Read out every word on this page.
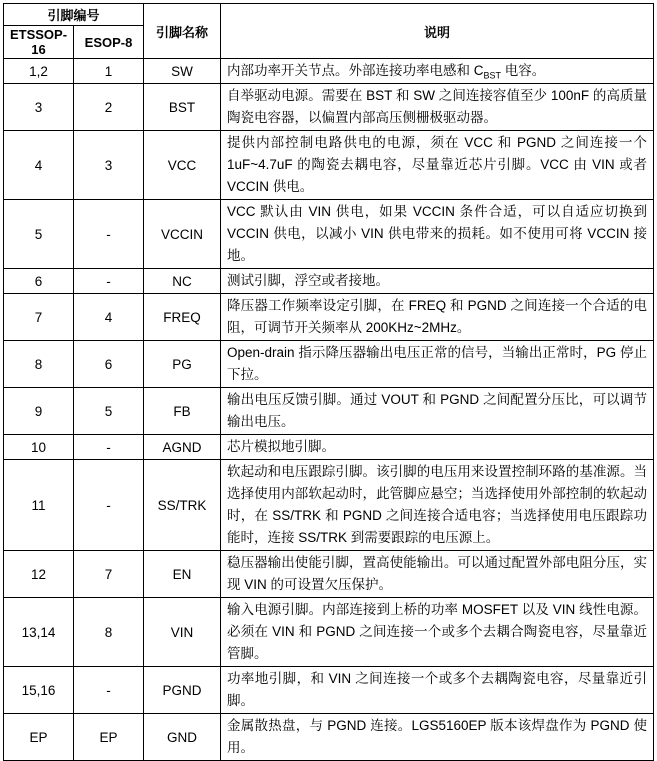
引脚编号		引脚名称	说明
ETSSOP-16	ESOP-8		
1,2	1	SW	内部功率开关节点。外部连接功率电感和 $C_{BST}$ 电容。
3	2	BST	自举驱动电源。需要在 BST 和 SW 之间连接容值至少 100nF 的高质量陶瓷电容器，以偏置内部高压侧栅极驱动器。
4	3	VCC	提供内部控制电路供电的电源，须在 VCC 和 PGND 之间连接一个 1uF~4.7uF 的陶瓷去耦电容，尽量靠近芯片引脚。VCC 由 VIN 或者 VCCIN 供电。
5	-	VCCIN	VCC 默认由 VIN 供电，如果 VCCIN 条件合适，可以自适应切换到 VCCIN 供电，以减小 VIN 供电带来的损耗。如不使用可将 VCCIN 接地。
6	-	NC	测试引脚，浮空或者接地。
7	4	FREQ	降压器工作频率设定引脚，在 FREQ 和 PGND 之间连接一个合适的电阻，可调节开关频率从 200KHz~2MHz。
8	6	PG	Open-drain 指示降压器输出电压正常的信号，当输出正常时，PG 停止下拉。
9	5	FB	输出电压反馈引脚。通过 VOUT 和 PGND 之间配置分压比，可以调节输出电压。
10	-	AGND	芯片模拟地引脚。
11	-	SS/TRK	软起动和电压跟踪引脚。该引脚的电压用来设置控制环路的基准源。当选择使用内部软起动时，此管脚应悬空；当选择使用外部控制的软起动时，在 SS/TRK 和 PGND 之间连接合适电容；当选择使用电压跟踪功能时，连接 SS/TRK 到需要跟踪的电压源上。
12	7	EN	稳压器输出使能引脚，置高使能输出。可以通过配置外部电阻分压，实现 VIN 的可设置欠压保护。
13,14	8	VIN	输入电源引脚。内部连接到上桥的功率 MOSFET 以及 VIN 线性电源。必须在 VIN 和 PGND 之间连接一个或多个去耦合陶瓷电容，尽量靠近管脚。
15,16	-	PGND	功率地引脚，和 VIN 之间连接一个或多个去耦陶瓷电容，尽量靠近引脚。
EP	EP	GND	金属散热盘，与 PGND 连接。LGS5160EP 版本该焊盘作为 PGND 使用。
